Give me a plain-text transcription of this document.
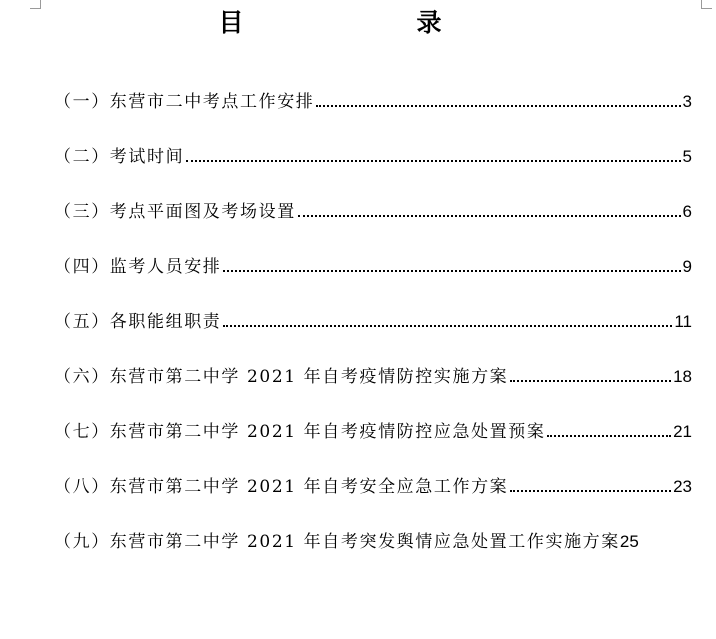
目　录
（一）东营市二中考点工作安排	3
（二）考试时间	5
（三）考点平面图及考场设置	6
（四）监考人员安排	9
（五）各职能组职责	11
（六）东营市第二中学 2021 年自考疫情防控实施方案	18
（七）东营市第二中学 2021 年自考疫情防控应急处置预案	21
（八）东营市第二中学 2021 年自考安全应急工作方案	23
（九）东营市第二中学 2021 年自考突发舆情应急处置工作实施方案 25
